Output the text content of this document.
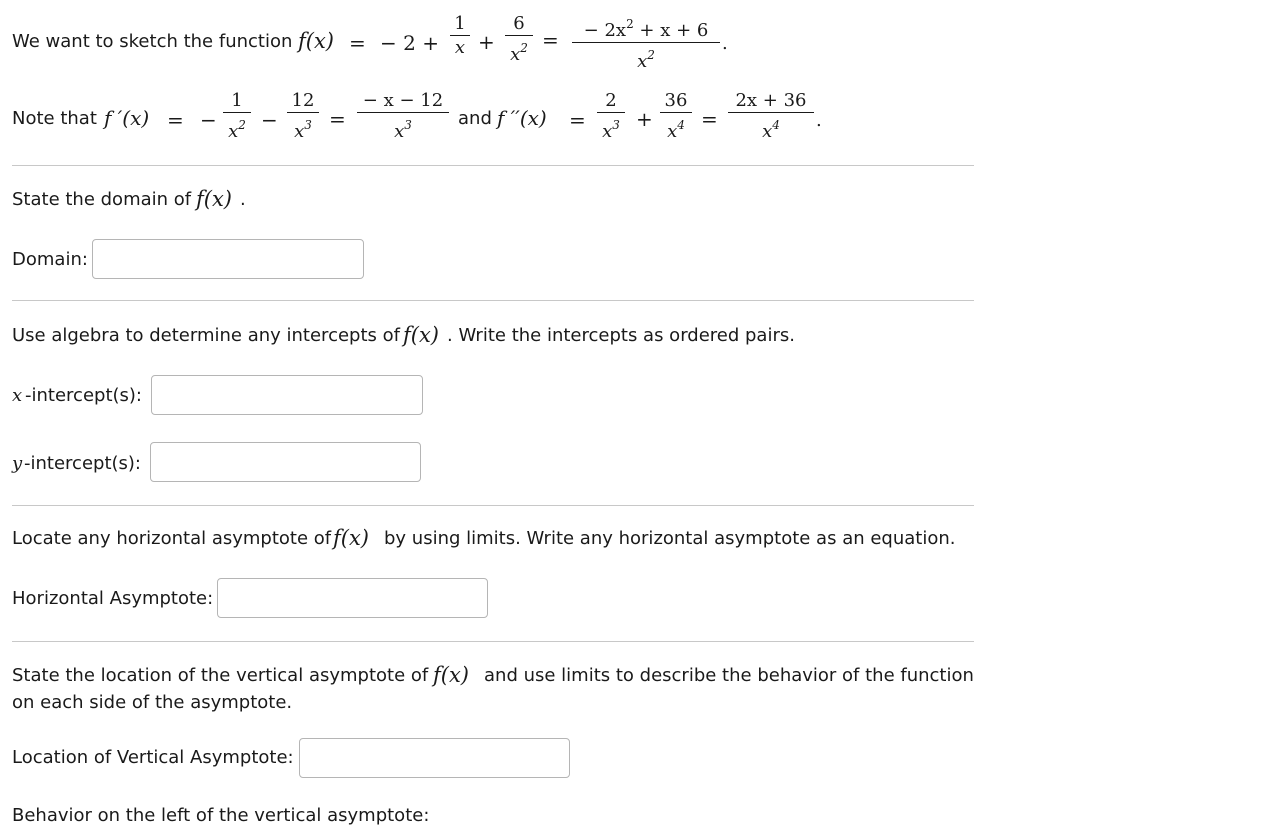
We want to sketch the function f(x) = − 2 +
1
x +
6
$x^2$ = − $2x^2 + x + 6$
$x^2$
.
Note that f ′(x) = −
1
$x^2$ −
12
$x^3$ =
− x − 12
$x^3$	and f ′′(x) =
2
$x^3$ +
36
$x^4$ =
2x + 36
$x^4$ .
State the domain of f(x) .
Domain:
Use algebra to determine any intercepts of f(x) . Write the intercepts as ordered pairs.
x -intercept(s):
y -intercept(s):
Locate any horizontal asymptote of f(x) by using limits. Write any horizontal asymptote as an equation.
Horizontal Asymptote:
State the location of the vertical asymptote of f(x) and use limits to describe the behavior of the function
on each side of the asymptote.
Location of Vertical Asymptote:
Behavior on the left of the vertical asymptote:
